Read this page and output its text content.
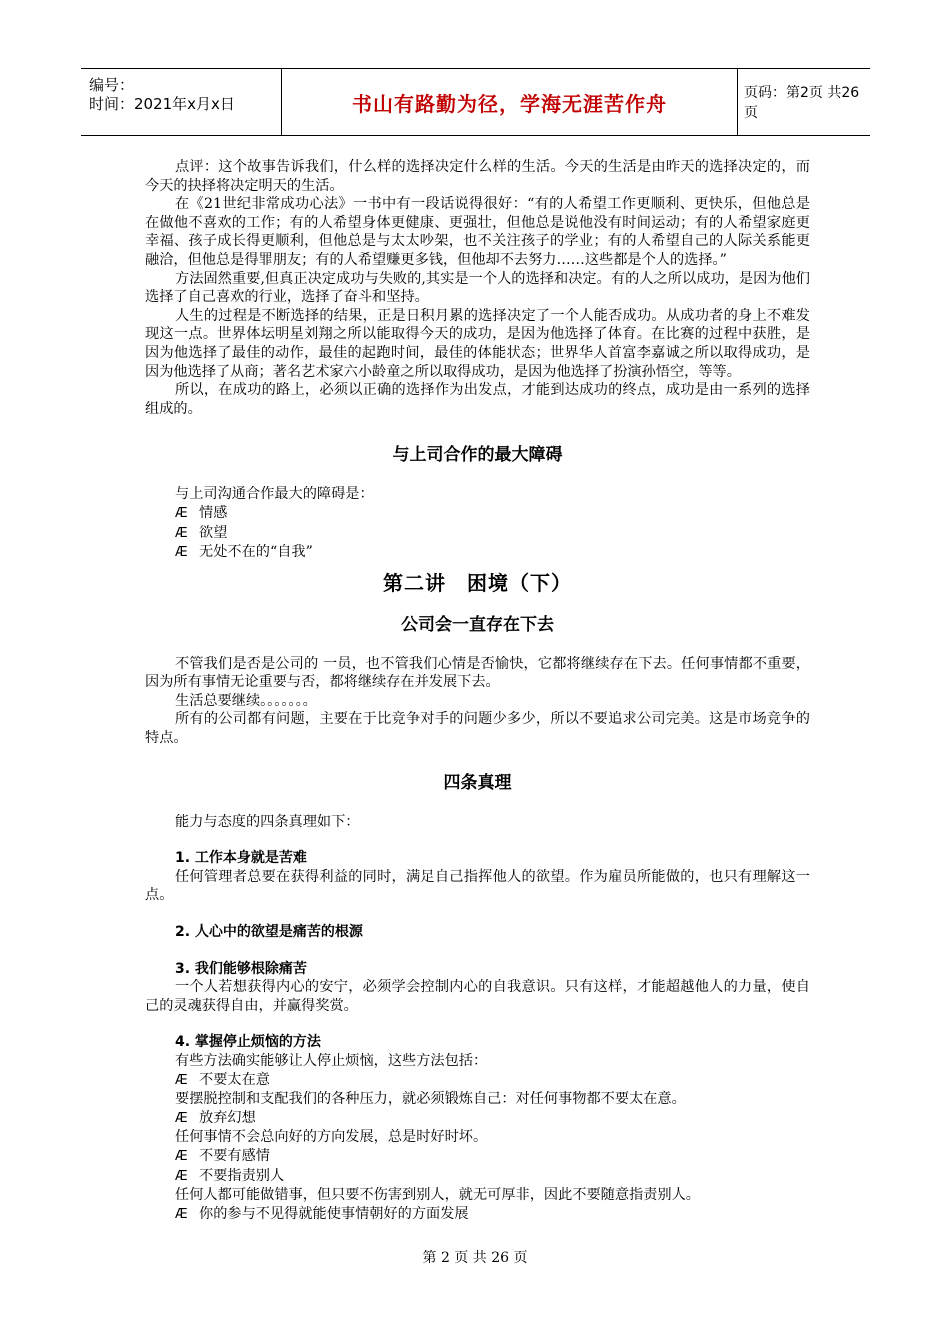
编号：
时间：2021年x月x日	书山有路勤为径，学海无涯苦作舟	页码：第2页 共26页

点评：这个故事告诉我们，什么样的选择决定什么样的生活。今天的生活是由昨天的选择决定的，而今天的抉择将决定明天的生活。

在《21世纪非常成功心法》一书中有一段话说得很好：“有的人希望工作更顺利、更快乐，但他总是在做他不喜欢的工作；有的人希望身体更健康、更强壮，但他总是说他没有时间运动；有的人希望家庭更幸福、孩子成长得更顺利，但他总是与太太吵架，也不关注孩子的学业；有的人希望自己的人际关系能更融洽，但他总是得罪朋友；有的人希望赚更多钱，但他却不去努力……这些都是个人的选择。”

方法固然重要,但真正决定成功与失败的,其实是一个人的选择和决定。有的人之所以成功，是因为他们选择了自己喜欢的行业，选择了奋斗和坚持。

人生的过程是不断选择的结果，正是日积月累的选择决定了一个人能否成功。从成功者的身上不难发现这一点。世界体坛明星刘翔之所以能取得今天的成功，是因为他选择了体育。在比赛的过程中获胜，是因为他选择了最佳的动作，最佳的起跑时间，最佳的体能状态；世界华人首富李嘉诚之所以取得成功，是因为他选择了从商；著名艺术家六小龄童之所以取得成功，是因为他选择了扮演孙悟空，等等。

所以，在成功的路上，必须以正确的选择作为出发点，才能到达成功的终点，成功是由一系列的选择组成的。

与上司合作的最大障碍

与上司沟通合作最大的障碍是：

Æ 情感

Æ 欲望

Æ 无处不在的“自我”

第二讲　困境（下）
公司会一直存在下去

不管我们是否是公司的 一员，也不管我们心情是否愉快，它都将继续存在下去。任何事情都不重要，因为所有事情无论重要与否，都将继续存在并发展下去。

生活总要继续。。。。。。。

所有的公司都有问题，主要在于比竞争对手的问题少多少，所以不要追求公司完美。这是市场竞争的特点。

四条真理

能力与态度的四条真理如下：

1. 工作本身就是苦难

任何管理者总要在获得利益的同时，满足自己指挥他人的欲望。作为雇员所能做的，也只有理解这一点。

2. 人心中的欲望是痛苦的根源

3. 我们能够根除痛苦

一个人若想获得内心的安宁，必须学会控制内心的自我意识。只有这样，才能超越他人的力量，使自己的灵魂获得自由，并赢得奖赏。

4. 掌握停止烦恼的方法

有些方法确实能够让人停止烦恼，这些方法包括：

Æ 不要太在意

要摆脱控制和支配我们的各种压力，就必须锻炼自己：对任何事物都不要太在意。

Æ 放弃幻想

任何事情不会总向好的方向发展，总是时好时坏。

Æ 不要有感情

Æ 不要指责别人

任何人都可能做错事，但只要不伤害到别人，就无可厚非，因此不要随意指责别人。

Æ 你的参与不见得就能使事情朝好的方面发展

第 2 页 共 26 页
